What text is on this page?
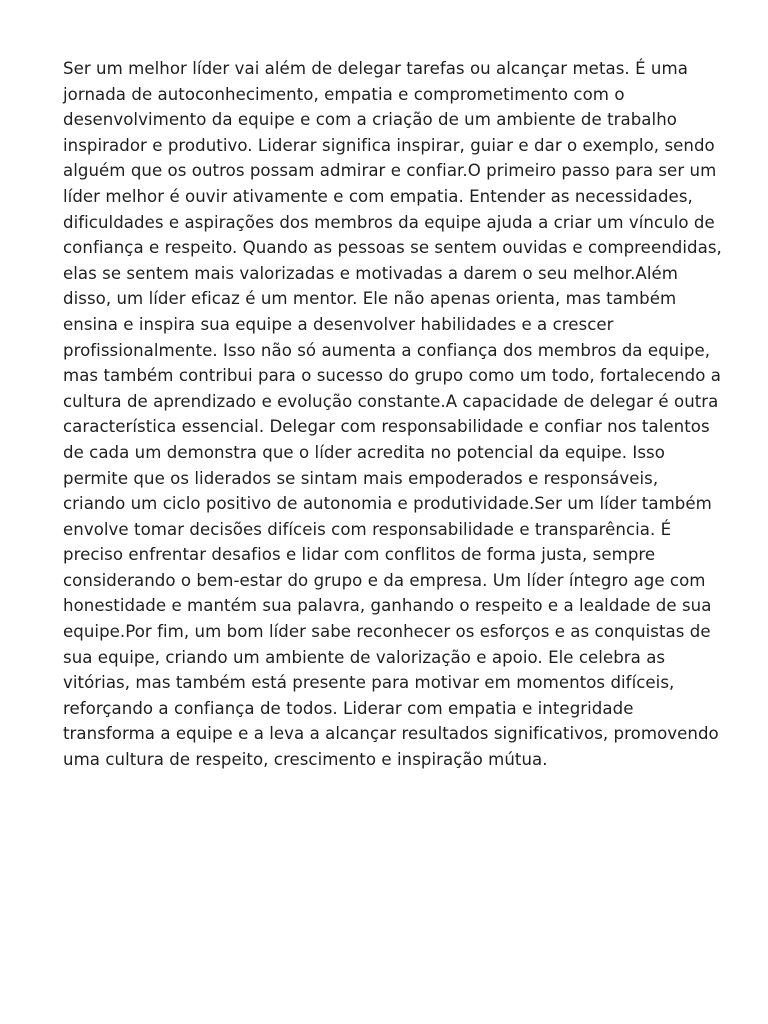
Ser um melhor líder vai além de delegar tarefas ou alcançar metas. É uma jornada de autoconhecimento, empatia e comprometimento com o desenvolvimento da equipe e com a criação de um ambiente de trabalho inspirador e produtivo. Liderar significa inspirar, guiar e dar o exemplo, sendo alguém que os outros possam admirar e confiar.O primeiro passo para ser um líder melhor é ouvir ativamente e com empatia. Entender as necessidades, dificuldades e aspirações dos membros da equipe ajuda a criar um vínculo de confiança e respeito. Quando as pessoas se sentem ouvidas e compreendidas, elas se sentem mais valorizadas e motivadas a darem o seu melhor.Além disso, um líder eficaz é um mentor. Ele não apenas orienta, mas também ensina e inspira sua equipe a desenvolver habilidades e a crescer profissionalmente. Isso não só aumenta a confiança dos membros da equipe, mas também contribui para o sucesso do grupo como um todo, fortalecendo a cultura de aprendizado e evolução constante.A capacidade de delegar é outra característica essencial. Delegar com responsabilidade e confiar nos talentos de cada um demonstra que o líder acredita no potencial da equipe. Isso permite que os liderados se sintam mais empoderados e responsáveis, criando um ciclo positivo de autonomia e produtividade.Ser um líder também envolve tomar decisões difíceis com responsabilidade e transparência. É preciso enfrentar desafios e lidar com conflitos de forma justa, sempre considerando o bem-estar do grupo e da empresa. Um líder íntegro age com honestidade e mantém sua palavra, ganhando o respeito e a lealdade de sua equipe.Por fim, um bom líder sabe reconhecer os esforços e as conquistas de sua equipe, criando um ambiente de valorização e apoio. Ele celebra as vitórias, mas também está presente para motivar em momentos difíceis, reforçando a confiança de todos. Liderar com empatia e integridade transforma a equipe e a leva a alcançar resultados significativos, promovendo uma cultura de respeito, crescimento e inspiração mútua.
